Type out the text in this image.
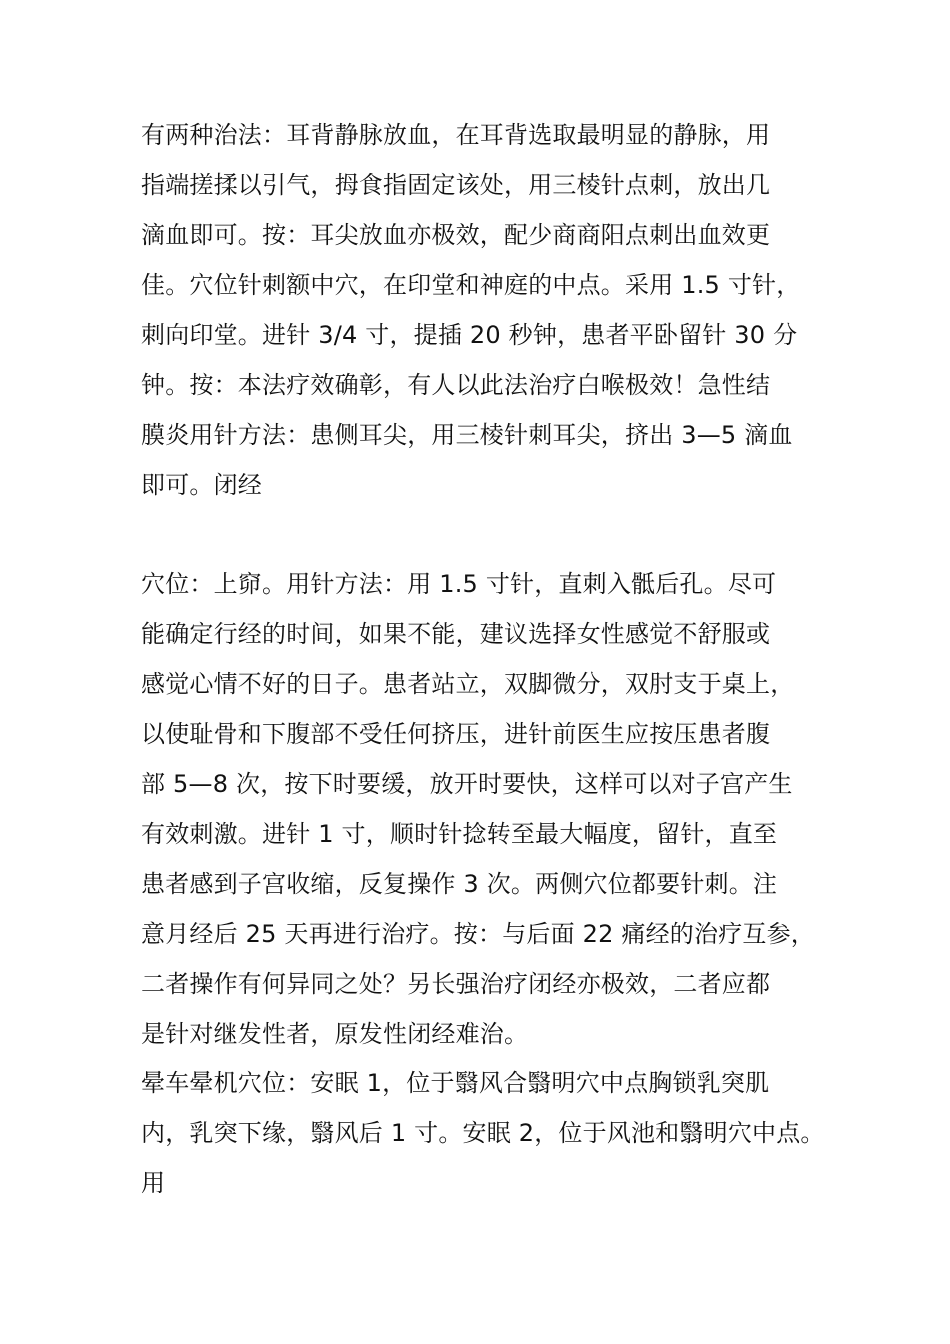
有两种治法：耳背静脉放血，在耳背选取最明显的静脉，用
指端搓揉以引气，拇食指固定该处，用三棱针点刺，放出几
滴血即可。按：耳尖放血亦极效，配少商商阳点刺出血效更
佳。穴位针刺额中穴，在印堂和神庭的中点。采用 1.5 寸针，
刺向印堂。进针 3/4 寸，提插 20 秒钟，患者平卧留针 30 分
钟。按：本法疗效确彰，有人以此法治疗白喉极效！急性结
膜炎用针方法：患侧耳尖，用三棱针刺耳尖，挤出 3—5 滴血
即可。闭经
穴位：上窌。用针方法：用 1.5 寸针，直刺入骶后孔。尽可
能确定行经的时间，如果不能，建议选择女性感觉不舒服或
感觉心情不好的日子。患者站立，双脚微分，双肘支于桌上，
以使耻骨和下腹部不受任何挤压，进针前医生应按压患者腹
部 5—8 次，按下时要缓，放开时要快，这样可以对子宫产生
有效刺激。进针 1 寸，顺时针捻转至最大幅度，留针，直至
患者感到子宫收缩，反复操作 3 次。两侧穴位都要针刺。注
意月经后 25 天再进行治疗。按：与后面 22 痛经的治疗互参，
二者操作有何异同之处？另长强治疗闭经亦极效，二者应都
是针对继发性者，原发性闭经难治。
晕车晕机穴位：安眠 1，位于翳风合翳明穴中点胸锁乳突肌
内，乳突下缘，翳风后 1 寸。安眠 2，位于风池和翳明穴中点。
用
